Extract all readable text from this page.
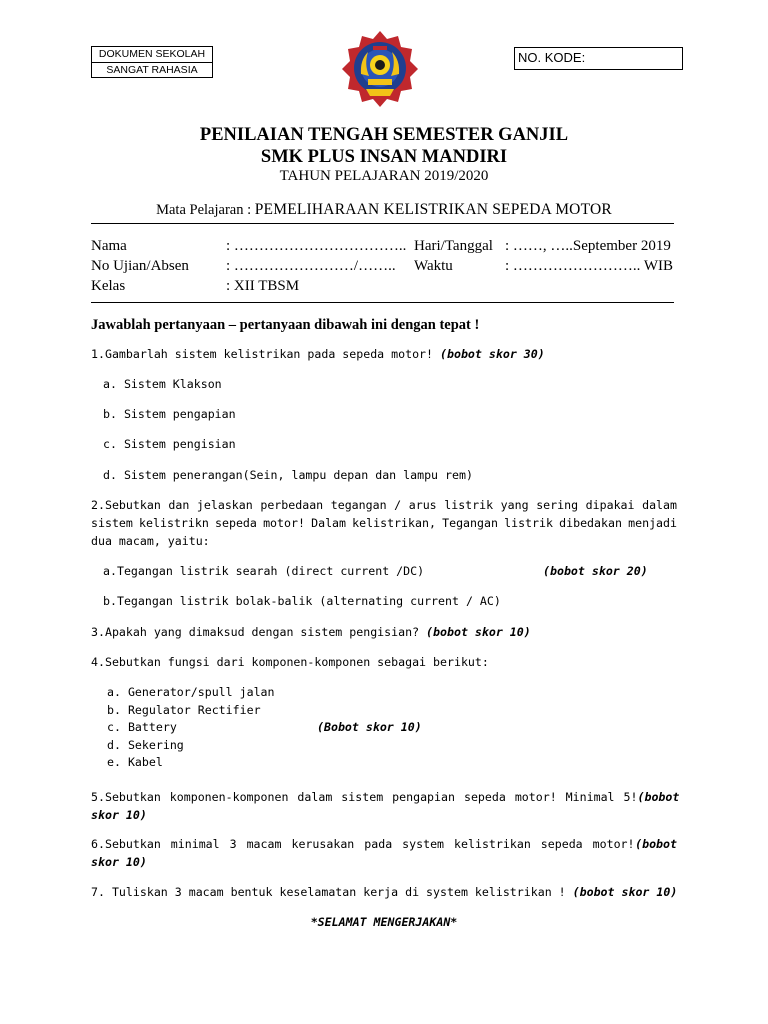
DOKUMEN SEKOLAH
SANGAT RAHASIA
NO. KODE:
PENILAIAN TENGAH SEMESTER GANJIL
SMK PLUS INSAN MANDIRI
TAHUN PELAJARAN 2019/2020
Mata Pelajaran : PEMELIHARAAN KELISTRIKAN SEPEDA MOTOR
Nama	: …………………………….. Hari/Tanggal : ……, …..September 2019
No Ujian/Absen : ……………………/…….. Waktu	: …………………….. WIB
Kelas	: XII TBSM
Jawablah pertanyaan – pertanyaan dibawah ini dengan tepat !
1.Gambarlah sistem kelistrikan pada sepeda motor! (bobot skor 30)
a. Sistem Klakson
b. Sistem pengapian
c. Sistem pengisian
d. Sistem penerangan(Sein, lampu depan dan lampu rem)
2.Sebutkan dan jelaskan perbedaan tegangan / arus listrik yang sering dipakai dalam
sistem kelistrikn sepeda motor! Dalam kelistrikan, Tegangan listrik dibedakan menjadi
dua macam, yaitu:
a.Tegangan listrik searah (direct current /DC)	(bobot skor 20)
b.Tegangan listrik bolak-balik (alternating current / AC)
3.Apakah yang dimaksud dengan sistem pengisian? (bobot skor 10)
4.Sebutkan fungsi dari komponen-komponen sebagai berikut:
a. Generator/spull jalan
b. Regulator Rectifier
c. Battery	(Bobot skor 10)
d. Sekering
e. Kabel
5.Sebutkan komponen-komponen dalam sistem pengapian sepeda motor! Minimal 5! (bobot
skor 10)
6.Sebutkan minimal 3 macam kerusakan pada system kelistrikan sepeda motor! (bobot
skor 10)
7. Tuliskan 3 macam bentuk keselamatan kerja di system kelistrikan ! (bobot skor 10)
*SELAMAT MENGERJAKAN*
